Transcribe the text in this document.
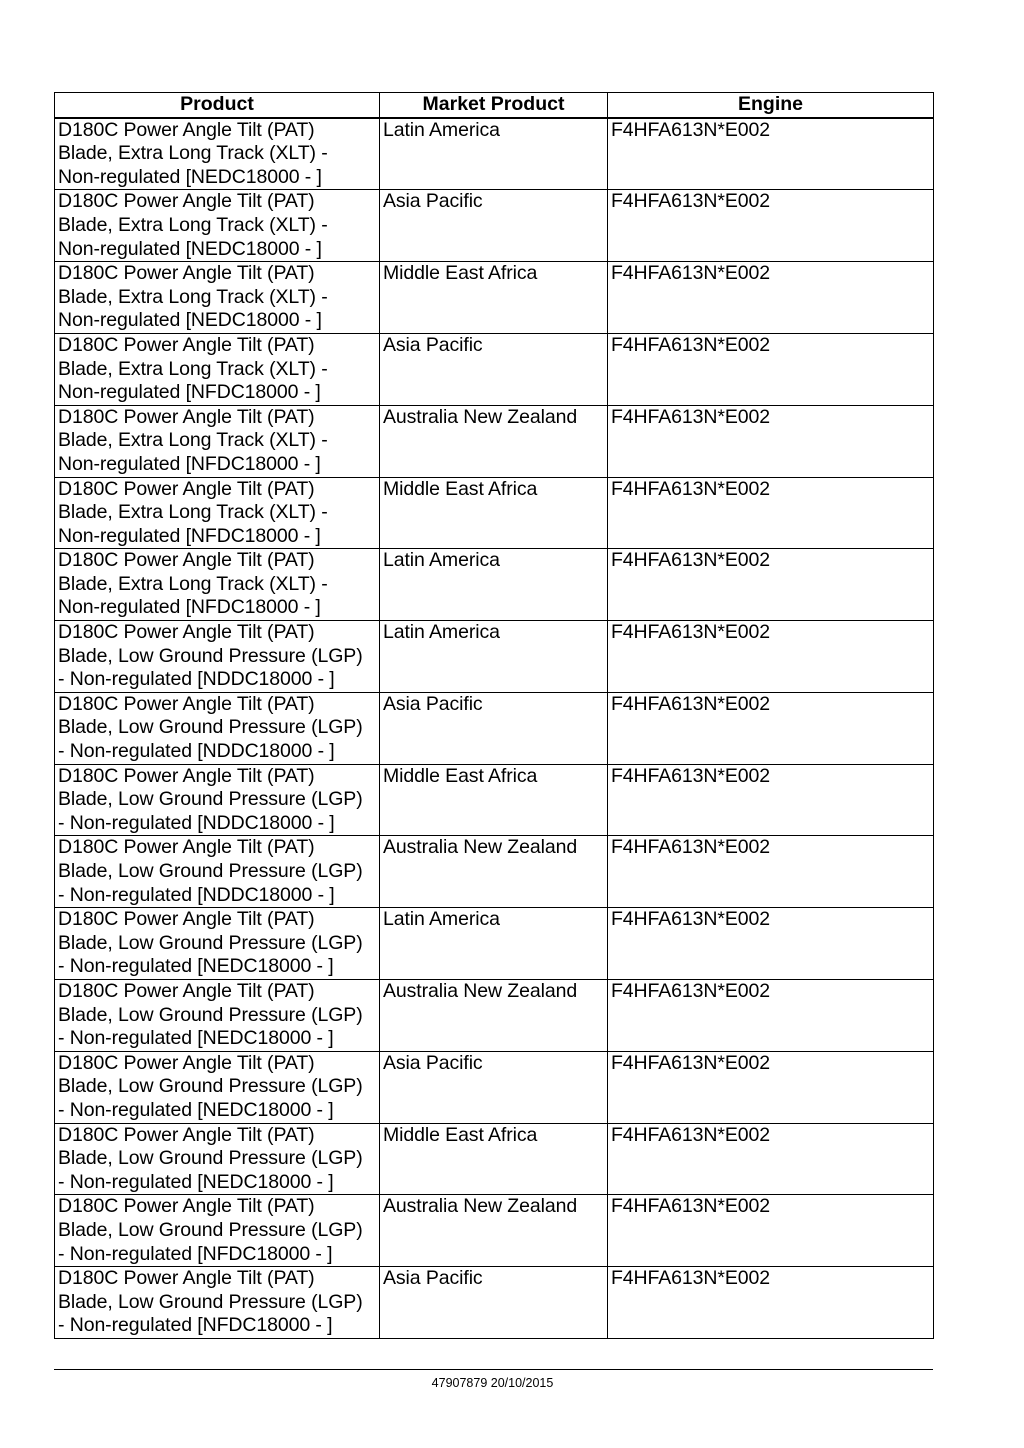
Product	Market Product	Engine

D180C Power Angle Tilt (PAT)
Blade, Extra Long Track (XLT) -
Non-regulated [NEDC18000 - ]	Latin America	F4HFA613N*E002

D180C Power Angle Tilt (PAT)
Blade, Extra Long Track (XLT) -
Non-regulated [NEDC18000 - ]	Asia Pacific	F4HFA613N*E002

D180C Power Angle Tilt (PAT)
Blade, Extra Long Track (XLT) -
Non-regulated [NEDC18000 - ]	Middle East Africa	F4HFA613N*E002

D180C Power Angle Tilt (PAT)
Blade, Extra Long Track (XLT) -
Non-regulated [NFDC18000 - ]	Asia Pacific	F4HFA613N*E002

D180C Power Angle Tilt (PAT)
Blade, Extra Long Track (XLT) -
Non-regulated [NFDC18000 - ]	Australia New Zealand	F4HFA613N*E002

D180C Power Angle Tilt (PAT)
Blade, Extra Long Track (XLT) -
Non-regulated [NFDC18000 - ]	Middle East Africa	F4HFA613N*E002

D180C Power Angle Tilt (PAT)
Blade, Extra Long Track (XLT) -
Non-regulated [NFDC18000 - ]	Latin America	F4HFA613N*E002

D180C Power Angle Tilt (PAT)
Blade, Low Ground Pressure (LGP)
- Non-regulated [NDDC18000 - ]	Latin America	F4HFA613N*E002

D180C Power Angle Tilt (PAT)
Blade, Low Ground Pressure (LGP)
- Non-regulated [NDDC18000 - ]	Asia Pacific	F4HFA613N*E002

D180C Power Angle Tilt (PAT)
Blade, Low Ground Pressure (LGP)
- Non-regulated [NDDC18000 - ]	Middle East Africa	F4HFA613N*E002

D180C Power Angle Tilt (PAT)
Blade, Low Ground Pressure (LGP)
- Non-regulated [NDDC18000 - ]	Australia New Zealand	F4HFA613N*E002

D180C Power Angle Tilt (PAT)
Blade, Low Ground Pressure (LGP)
- Non-regulated [NEDC18000 - ]	Latin America	F4HFA613N*E002

D180C Power Angle Tilt (PAT)
Blade, Low Ground Pressure (LGP)
- Non-regulated [NEDC18000 - ]	Australia New Zealand	F4HFA613N*E002

D180C Power Angle Tilt (PAT)
Blade, Low Ground Pressure (LGP)
- Non-regulated [NEDC18000 - ]	Asia Pacific	F4HFA613N*E002

D180C Power Angle Tilt (PAT)
Blade, Low Ground Pressure (LGP)
- Non-regulated [NEDC18000 - ]	Middle East Africa	F4HFA613N*E002

D180C Power Angle Tilt (PAT)
Blade, Low Ground Pressure (LGP)
- Non-regulated [NFDC18000 - ]	Australia New Zealand	F4HFA613N*E002

D180C Power Angle Tilt (PAT)
Blade, Low Ground Pressure (LGP)
- Non-regulated [NFDC18000 - ]	Asia Pacific	F4HFA613N*E002
47907879 20/10/2015
